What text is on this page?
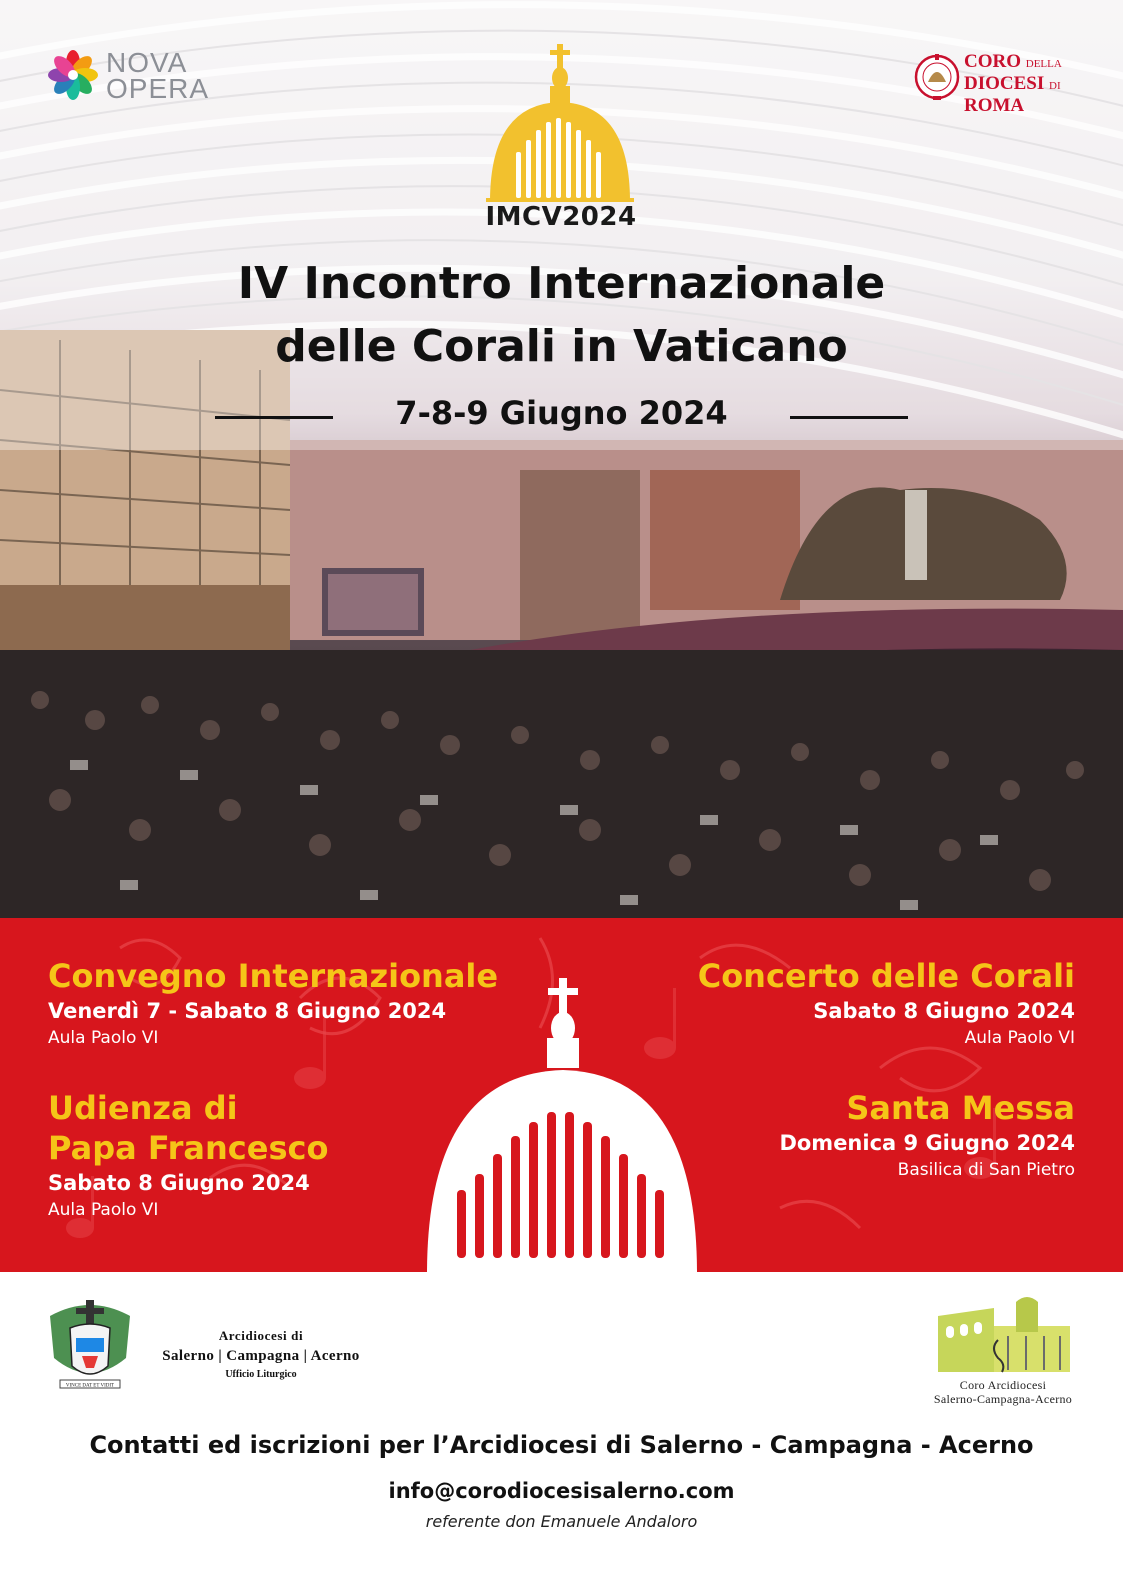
NOVA
OPERA
CORO DELLA
DIOCESI DI
ROMA
IMCV2024
IV Incontro Internazionale
delle Corali in Vaticano
7-8-9 Giugno 2024
Convegno Internazionale
Venerdì 7 - Sabato 8 Giugno 2024
Aula Paolo VI
Udienza di
Papa Francesco
Sabato 8 Giugno 2024
Aula Paolo VI
Concerto delle Corali
Sabato 8 Giugno 2024
Aula Paolo VI
Santa Messa
Domenica 9 Giugno 2024
Basilica di San Pietro
VINCE DAT ET VIDIT
Arcidiocesi di
Salerno | Campagna | Acerno
Ufficio Liturgico
Coro Arcidiocesi
Salerno-Campagna-Acerno
Contatti ed iscrizioni per l’Arcidiocesi di Salerno - Campagna - Acerno
info@corodiocesisalerno.com
referente don Emanuele Andaloro
